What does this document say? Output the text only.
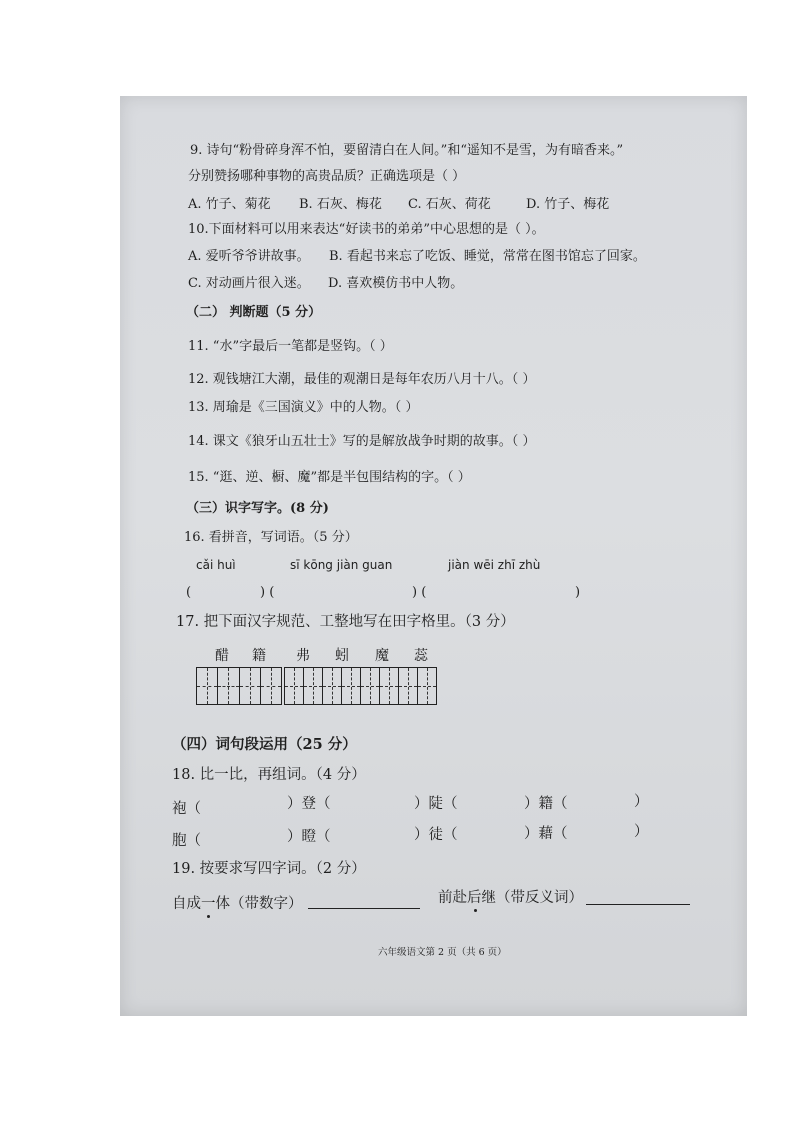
9. 诗句“粉骨碎身浑不怕，要留清白在人间。”和“遥知不是雪，为有暗香来。”
分别赞扬哪种事物的高贵品质？正确选项是（ ）
A. 竹子、菊花 B. 石灰、梅花 C. 石灰、荷花	D. 竹子、梅花
10.下面材料可以用来表达“好读书的弟弟”中心思想的是（ ）。
A. 爱听爷爷讲故事。 B. 看起书来忘了吃饭、睡觉，常常在图书馆忘了回家。
C. 对动画片很入迷。 D. 喜欢模仿书中人物。
（二） 判断题（5 分）
11. “水”字最后一笔都是竖钩。（ ）
12. 观钱塘江大潮，最佳的观潮日是每年农历八月十八。（ ）
13. 周瑜是《三国演义》中的人物。（ ）
14. 课文《狼牙山五壮士》写的是解放战争时期的故事。（ ）
15. “逛、逆、橱、魔”都是半包围结构的字。（ ）
（三）识字写字。(8 分)
16. 看拼音，写词语。（5 分）
cǎi huì	sī kōng jiàn guan	jiàn wēi zhī zhù
(	) (	) (	)
17. 把下面汉字规范、工整地写在田字格里。（3 分）
醋 籍 弗 蚓 魔 蕊
（四）词句段运用（25 分）
18. 比一比，再组词。（4 分）
袍（	）登（	）陡（	）籍（	）
胞（	）瞪（	）徒（	）藉（	）
19. 按要求写四字词。（2 分）
自成一体（带数字）	前赴后继（带反义词）
六年级语文第 2 页（共 6 页）
